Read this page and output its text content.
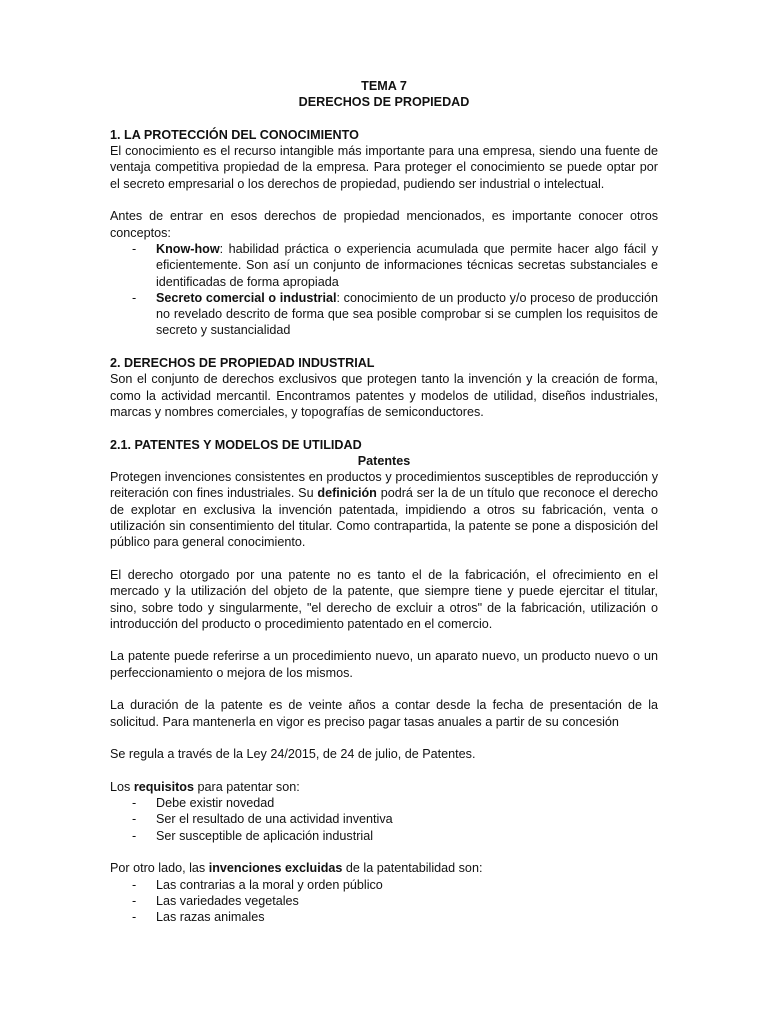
TEMA 7

DERECHOS DE PROPIEDAD

1. LA PROTECCIÓN DEL CONOCIMIENTO

El conocimiento es el recurso intangible más importante para una empresa, siendo una fuente de ventaja competitiva propiedad de la empresa. Para proteger el conocimiento se puede optar por el secreto empresarial o los derechos de propiedad, pudiendo ser industrial o intelectual.

Antes de entrar en esos derechos de propiedad mencionados, es importante conocer otros conceptos:

- Know-how: habilidad práctica o experiencia acumulada que permite hacer algo fácil y eficientemente. Son así un conjunto de informaciones técnicas secretas substanciales e identificadas de forma apropiada
- Secreto comercial o industrial: conocimiento de un producto y/o proceso de producción no revelado descrito de forma que sea posible comprobar si se cumplen los requisitos de secreto y sustancialidad

2. DERECHOS DE PROPIEDAD INDUSTRIAL

Son el conjunto de derechos exclusivos que protegen tanto la invención y la creación de forma, como la actividad mercantil. Encontramos patentes y modelos de utilidad, diseños industriales, marcas y nombres comerciales, y topografías de semiconductores.

2.1. PATENTES Y MODELOS DE UTILIDAD

Patentes

Protegen invenciones consistentes en productos y procedimientos susceptibles de reproducción y reiteración con fines industriales. Su definición podrá ser la de un título que reconoce el derecho de explotar en exclusiva la invención patentada, impidiendo a otros su fabricación, venta o utilización sin consentimiento del titular. Como contrapartida, la patente se pone a disposición del público para general conocimiento.

El derecho otorgado por una patente no es tanto el de la fabricación, el ofrecimiento en el mercado y la utilización del objeto de la patente, que siempre tiene y puede ejercitar el titular, sino, sobre todo y singularmente, "el derecho de excluir a otros" de la fabricación, utilización o introducción del producto o procedimiento patentado en el comercio.

La patente puede referirse a un procedimiento nuevo, un aparato nuevo, un producto nuevo o un perfeccionamiento o mejora de los mismos.

La duración de la patente es de veinte años a contar desde la fecha de presentación de la solicitud. Para mantenerla en vigor es preciso pagar tasas anuales a partir de su concesión

Se regula a través de la Ley 24/2015, de 24 de julio, de Patentes.

Los requisitos para patentar son:

- Debe existir novedad
- Ser el resultado de una actividad inventiva
- Ser susceptible de aplicación industrial

Por otro lado, las invenciones excluidas de la patentabilidad son:

- Las contrarias a la moral y orden público
- Las variedades vegetales
- Las razas animales
